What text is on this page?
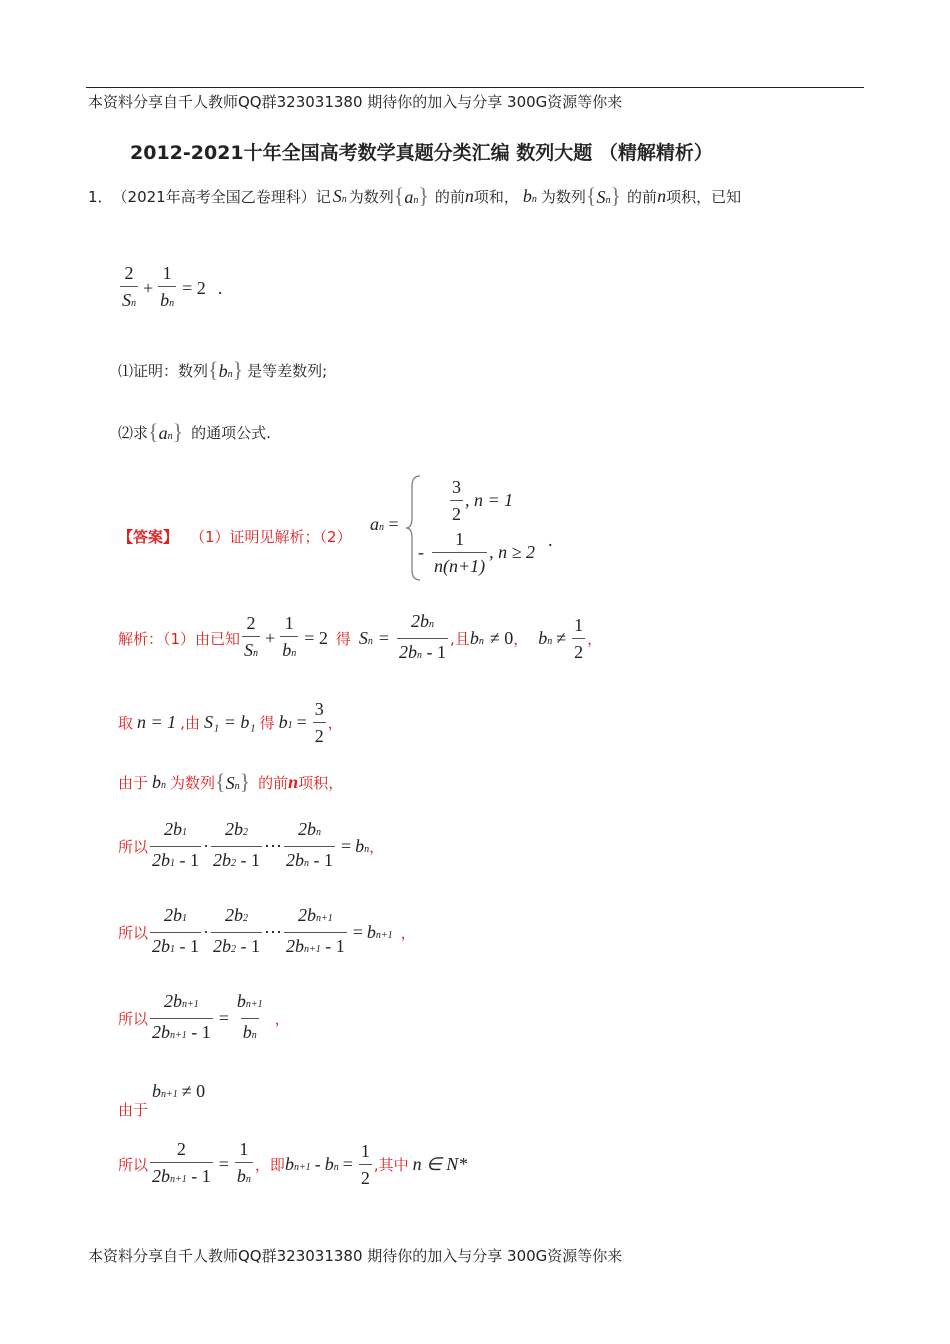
本资料分享自千人教师QQ群323031380 期待你的加入与分享 300G资源等你来
2012-2021十年全国高考数学真题分类汇编 数列大题 （精解精析）
1． （2021年高考全国乙卷理科）记 Sn 为数列 {an} 的前 n 项和， bn 为数列 {Sn} 的前 n 项积，已知
$\frac{2}{Sn} + \frac{1}{bn} = 2$ .
⑴证明：数列 {bn} 是等差数列;
⑵求 {an} 的通项公式.
【答案】 （1）证明见解析；（2）
an =	$\frac{3}{2}$ , n = 1
- $\frac{1}{n(n+1)}$ , n ≥ 2
.
解析：（1）由已知 $\frac{2}{Sn} + \frac{1}{bn} = 2$ 得 $Sn = \frac{2bn}{2bn - 1}$ ,且 bn ≠ 0 ， bn ≠ $\frac{1}{2}$ ，
取 n = 1 ,由 S₁ = b₁ 得 $b1 = \frac{3}{2}$ ，
由于 bn 为数列 {Sn} 的前 n 项积，
所以 $\frac{2b1}{2b1 - 1} \cdot \frac{2b2}{2b2 - 1}$ ⋯ $\frac{2bn}{2bn - 1}$ = bn ，
所以 $\frac{2b1}{2b1 - 1} \cdot \frac{2b2}{2b2 - 1}$ ⋯ $\frac{2bn+1}{2bn+1 - 1} = bn+1$ ，
所以 $\frac{2bn+1}{2bn+1 - 1} = \frac{bn+1}{bn}$ ，
由于
bn+1 ≠ 0
所以 $\frac{2}{2bn+1 - 1} = \frac{1}{bn}$ ，即 bn+1 - bn = $\frac{1}{2}$ ,其中 n ∈ N*
本资料分享自千人教师QQ群323031380 期待你的加入与分享 300G资源等你来
